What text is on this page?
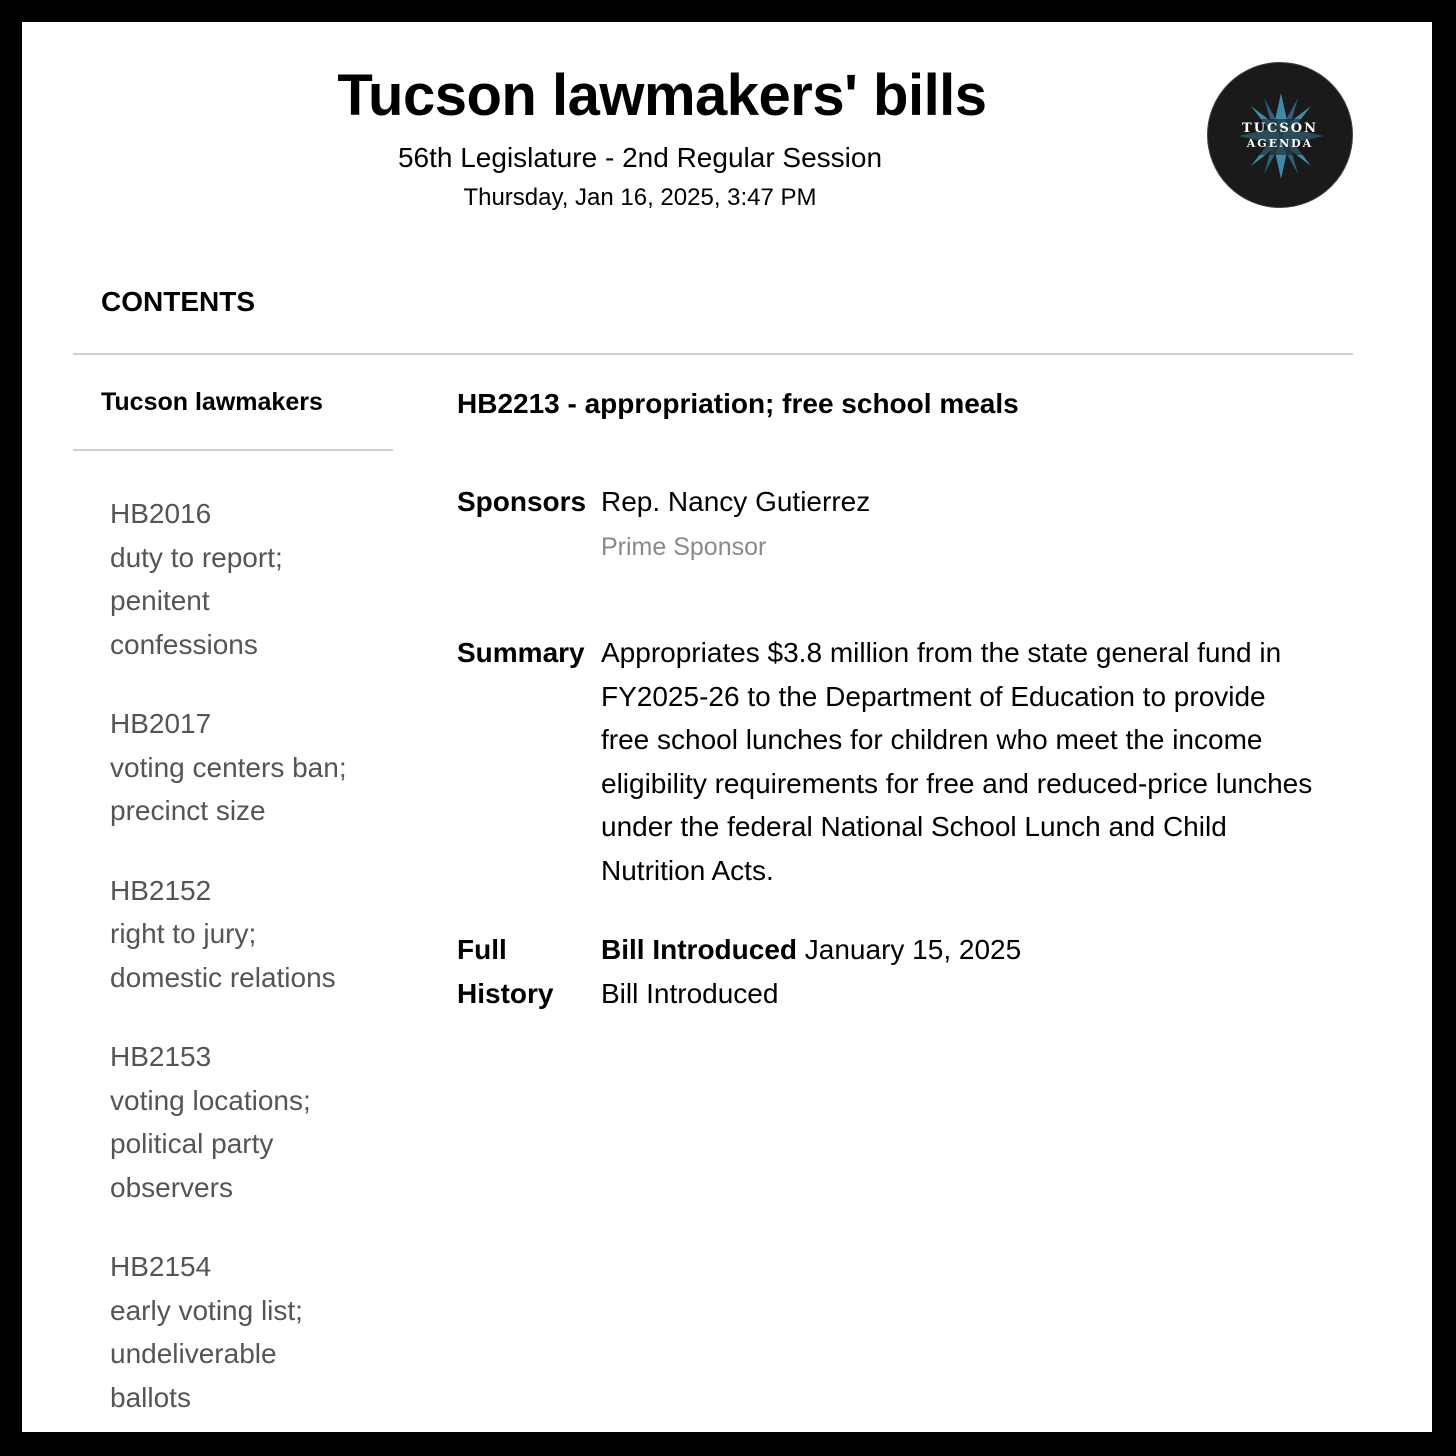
Tucson lawmakers' bills
56th Legislature - 2nd Regular Session
Thursday, Jan 16, 2025, 3:47 PM
TUCSON
AGENDA
CONTENTS
Tucson lawmakers
HB2016
duty to report;
penitent
confessions
HB2017
voting centers ban;
precinct size
HB2152
right to jury;
domestic relations
HB2153
voting locations;
political party
observers
HB2154
early voting list;
undeliverable
ballots
HB2213 - appropriation; free school meals
Sponsors Rep. Nancy Gutierrez
Prime Sponsor
Summary Appropriates $3.8 million from the state general fund in FY2025-26 to the Department of Education to provide free school lunches for children who meet the income eligibility requirements for free and reduced-price lunches under the federal National School Lunch and Child Nutrition Acts.
Full History
Bill Introduced January 15, 2025
Bill Introduced
